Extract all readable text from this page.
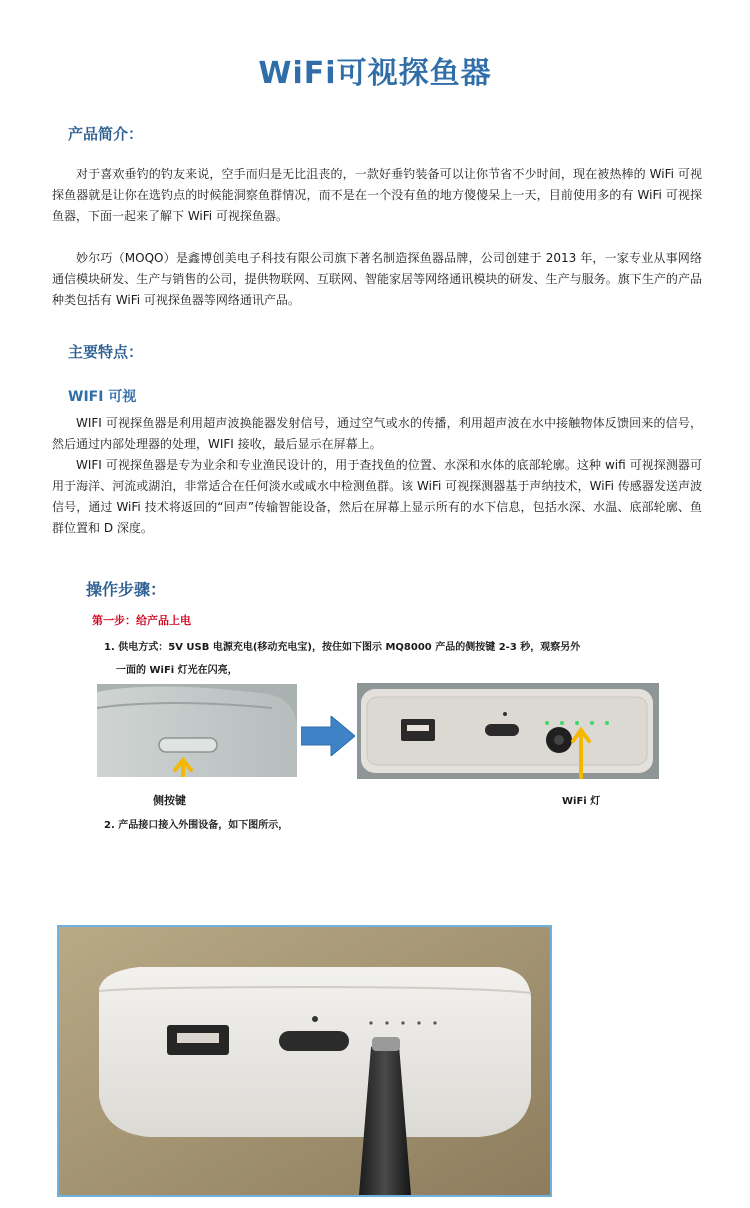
WiFi可视探鱼器
产品简介：

对于喜欢垂钓的钓友来说，空手而归是无比沮丧的，一款好垂钓装备可以让你节省不少时间，现在被热棒的 WiFi 可视探鱼器就是让你在选钓点的时候能洞察鱼群情况，而不是在一个没有鱼的地方傻傻呆上一天，目前使用多的有 WiFi 可视探鱼器，下面一起来了解下 WiFi 可视探鱼器。

妙尔巧（MOQO）是鑫博创美电子科技有限公司旗下著名制造探鱼器品牌，公司创建于 2013 年，一家专业从事网络通信模块研发、生产与销售的公司，提供物联网、互联网、智能家居等网络通讯模块的研发、生产与服务。旗下生产的产品种类包括有 WiFi 可视探鱼器等网络通讯产品。

主要特点：
WIFI 可视

WIFI 可视探鱼器是利用超声波换能器发射信号，通过空气或水的传播，利用超声波在水中接触物体反馈回来的信号，然后通过内部处理器的处理，WIFI 接收，最后显示在屏幕上。

WIFI 可视探鱼器是专为业余和专业渔民设计的，用于查找鱼的位置、水深和水体的底部轮廓。这种 wifi 可视探测器可用于海洋、河流或湖泊，非常适合在任何淡水或咸水中检测鱼群。该 WiFi 可视探测器基于声纳技术，WiFi 传感器发送声波信号，通过 WiFi 技术将返回的“回声”传输智能设备，然后在屏幕上显示所有的水下信息，包括水深、水温、底部轮廓、鱼群位置和 D 深度。

操作步骤：
第一步：给产品上电
1. 供电方式：5V USB 电源充电(移动充电宝)，按住如下图示 MQ8000 产品的侧按键 2-3 秒，观察另外
一面的 WiFi 灯光在闪亮，
侧按键	WiFi 灯
2. 产品接口接入外围设备，如下图所示，
